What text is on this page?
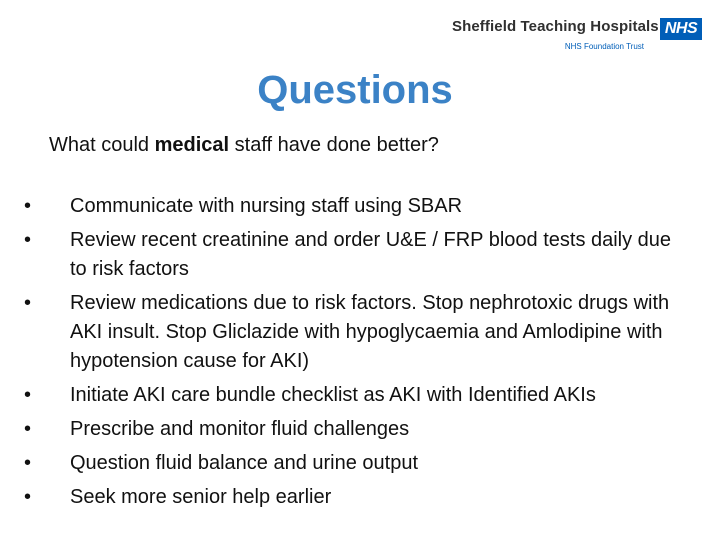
Sheffield Teaching Hospitals NHS
NHS Foundation Trust
Questions

What could medical staff have done better?

•	Communicate with nursing staff using SBAR
•	Review recent creatinine and order U&E / FRP blood tests daily due to risk factors
•	Review medications due to risk factors. Stop nephrotoxic drugs with AKI insult. Stop Gliclazide with hypoglycaemia and Amlodipine with hypotension cause for AKI)
•	Initiate AKI care bundle checklist as AKI with Identified AKIs
•	Prescribe and monitor fluid challenges
•	Question fluid balance and urine output
•	Seek more senior help earlier
